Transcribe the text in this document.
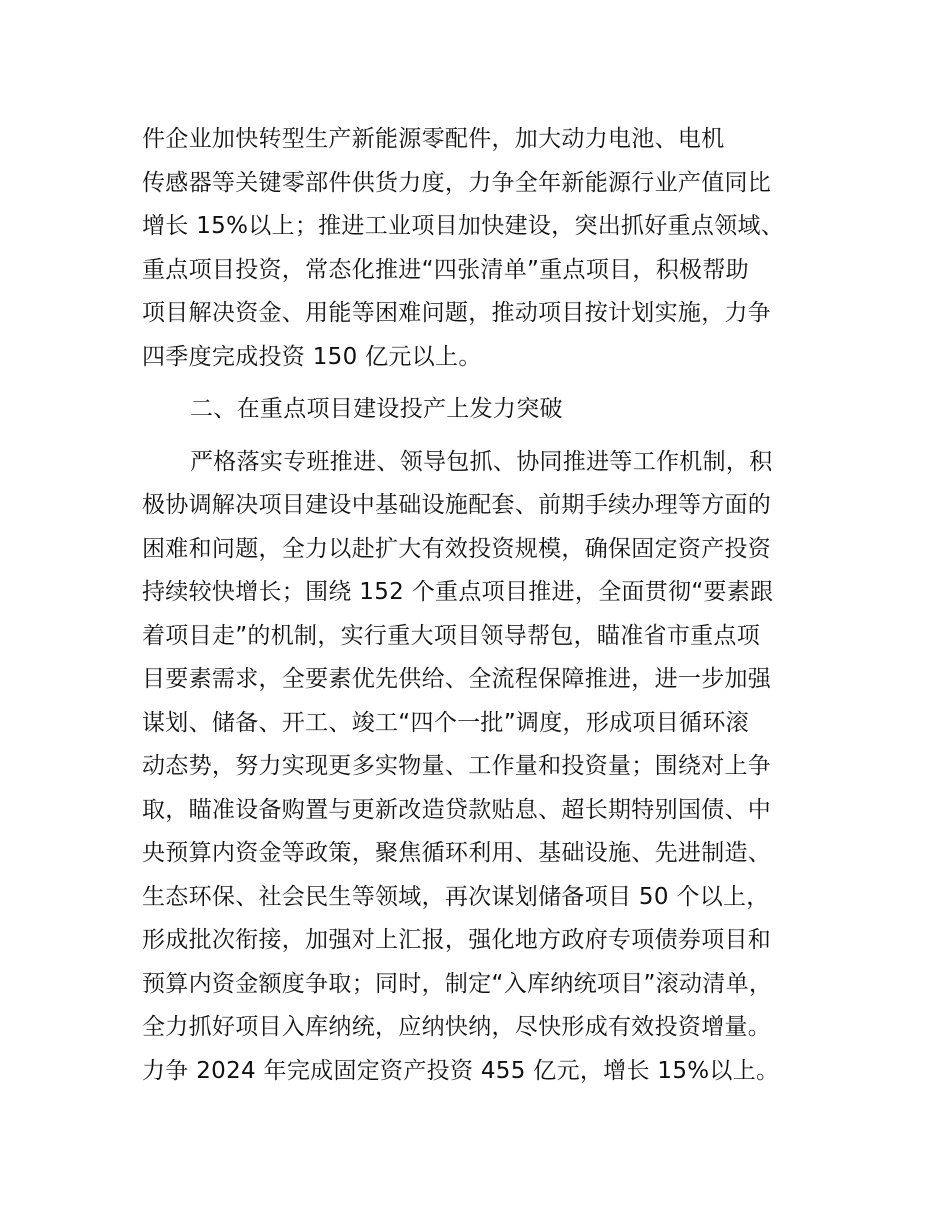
件企业加快转型生产新能源零配件，加大动力电池、电机
传感器等关键零部件供货力度，力争全年新能源行业产值同比
增长 15%以上；推进工业项目加快建设，突出抓好重点领域、
重点项目投资，常态化推进“四张清单”重点项目，积极帮助
项目解决资金、用能等困难问题，推动项目按计划实施，力争
四季度完成投资 150 亿元以上。
二、在重点项目建设投产上发力突破
严格落实专班推进、领导包抓、协同推进等工作机制，积
极协调解决项目建设中基础设施配套、前期手续办理等方面的
困难和问题，全力以赴扩大有效投资规模，确保固定资产投资
持续较快增长；围绕 152 个重点项目推进，全面贯彻“要素跟
着项目走”的机制，实行重大项目领导帮包，瞄准省市重点项
目要素需求，全要素优先供给、全流程保障推进，进一步加强
谋划、储备、开工、竣工“四个一批”调度，形成项目循环滚
动态势，努力实现更多实物量、工作量和投资量；围绕对上争
取，瞄准设备购置与更新改造贷款贴息、超长期特别国债、中
央预算内资金等政策，聚焦循环利用、基础设施、先进制造、
生态环保、社会民生等领域，再次谋划储备项目 50 个以上，
形成批次衔接，加强对上汇报，强化地方政府专项债券项目和
预算内资金额度争取；同时，制定“入库纳统项目”滚动清单，
全力抓好项目入库纳统，应纳快纳，尽快形成有效投资增量。
力争 2024 年完成固定资产投资 455 亿元，增长 15%以上。
